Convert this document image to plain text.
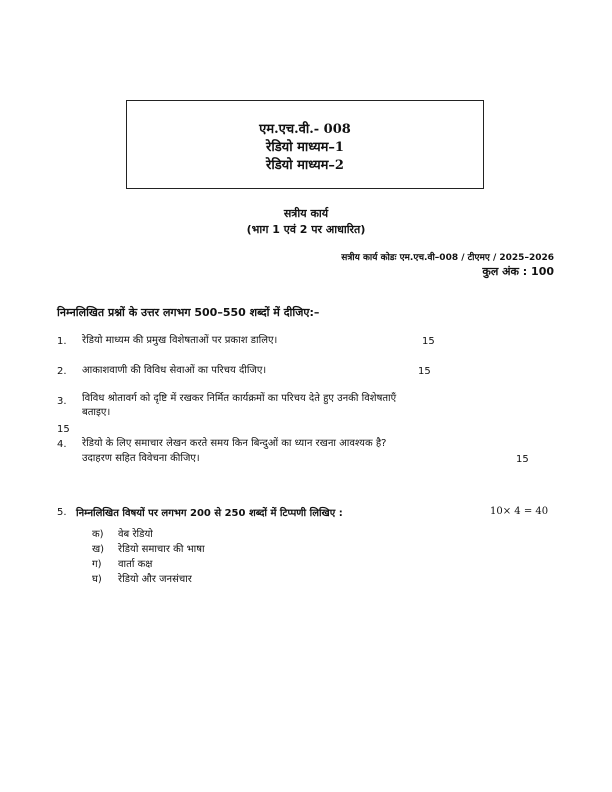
एम.एच.वी.- 008
रेडियो माध्यम–1
रेडियो माध्यम–2
सत्रीय कार्य
(भाग 1 एवं 2 पर आधारित)
सत्रीय कार्य कोडः एम.एच.वी–008 / टीएमए / 2025–2026
कुल अंक : 100
निम्नलिखित प्रश्नों के उत्तर लगभग 500–550 शब्दों में दीजिए:–
1. रेडियो माध्यम की प्रमुख विशेषताओं पर प्रकाश डालिए।	15
2. आकाशवाणी की विविध सेवाओं का परिचय दीजिए।	15
3. विविध श्रोतावर्ग को दृष्टि में रखकर निर्मित कार्यक्रमों का परिचय देते हुए उनकी विशेषताएँ
बताइए।
15
4. रेडियो के लिए समाचार लेखन करते समय किन बिन्दुओं का ध्यान रखना आवश्यक है?
उदाहरण सहित विवेचना कीजिए।	15
5. निम्नलिखित विषयों पर लगभग 200 से 250 शब्दों में टिप्पणी लिखिए :	10× 4 = 40
क) वेब रेडियो
ख) रेडियो समाचार की भाषा
ग) वार्ता कक्ष
घ) रेडियो और जनसंचार
